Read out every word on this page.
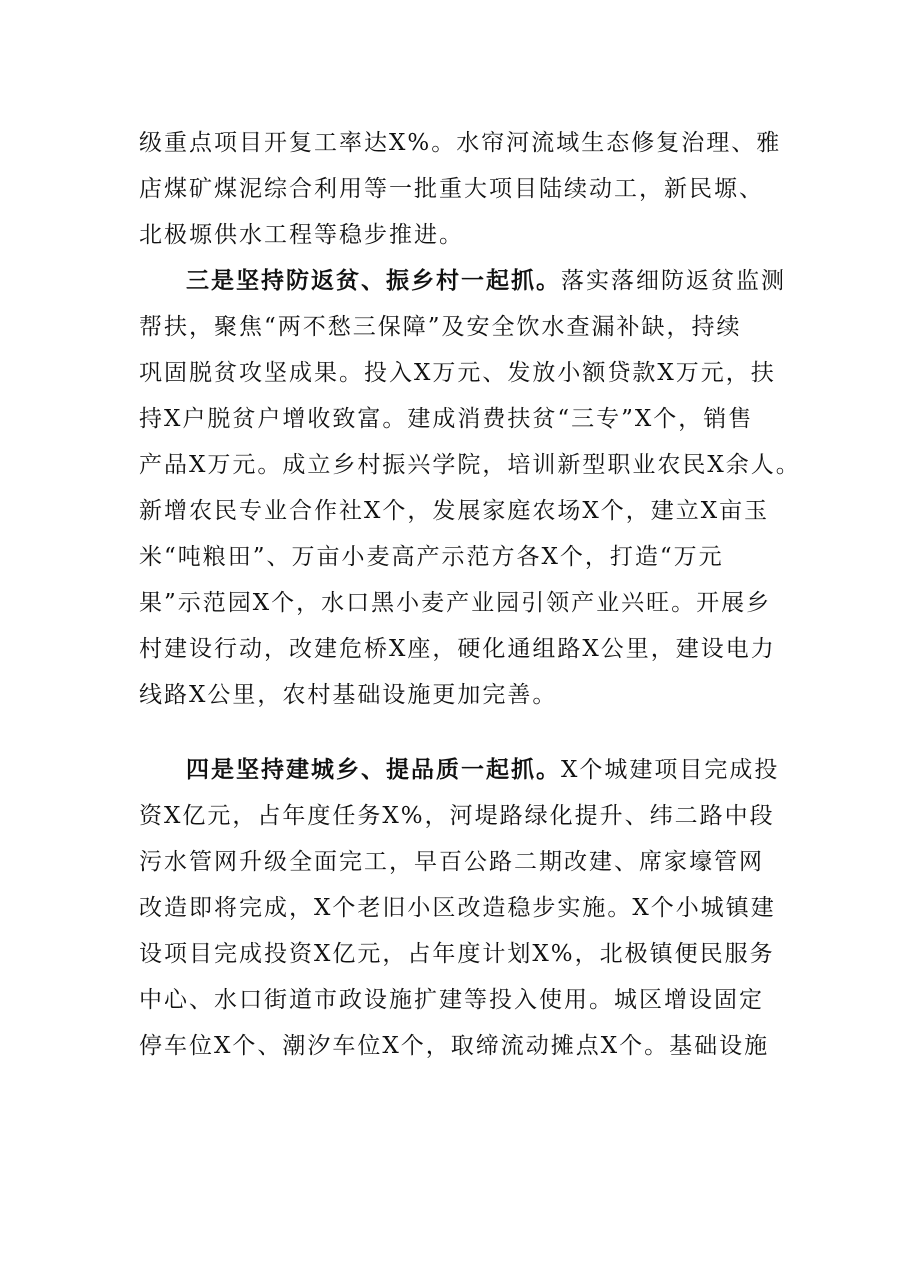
级重点项目开复工率达X%。水帘河流域生态修复治理、雅
店煤矿煤泥综合利用等一批重大项目陆续动工，新民塬、
北极塬供水工程等稳步推进。
三是坚持防返贫、振乡村一起抓。落实落细防返贫监测
帮扶，聚焦“两不愁三保障”及安全饮水查漏补缺，持续
巩固脱贫攻坚成果。投入X万元、发放小额贷款X万元，扶
持X户脱贫户增收致富。建成消费扶贫“三专”X个，销售
产品X万元。成立乡村振兴学院，培训新型职业农民X余人。
新增农民专业合作社X个，发展家庭农场X个，建立X亩玉
米“吨粮田”、万亩小麦高产示范方各X个，打造“万元
果”示范园X个，水口黑小麦产业园引领产业兴旺。开展乡
村建设行动，改建危桥X座，硬化通组路X公里，建设电力
线路X公里，农村基础设施更加完善。
四是坚持建城乡、提品质一起抓。X个城建项目完成投
资X亿元，占年度任务X%，河堤路绿化提升、纬二路中段
污水管网升级全面完工，早百公路二期改建、席家壕管网
改造即将完成，X个老旧小区改造稳步实施。X个小城镇建
设项目完成投资X亿元，占年度计划X%，北极镇便民服务
中心、水口街道市政设施扩建等投入使用。城区增设固定
停车位X个、潮汐车位X个，取缔流动摊点X个。基础设施
